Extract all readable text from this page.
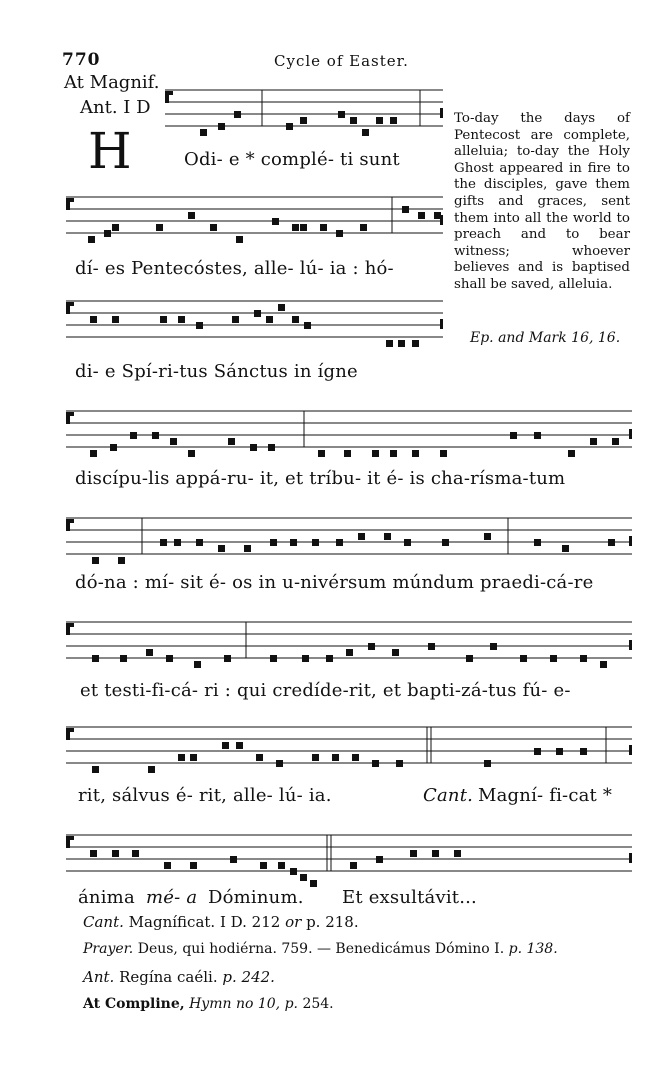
770	Cycle of Easter.
At Magnif.
Ant. I D
H	Odi- e * complé- ti sunt
dí- es Pentecóstes, alle- lú- ia : hó-
di- e Spí-ri-tus Sánctus in ígne
discípu-lis appá-ru- it, et tríbu- it é- is cha-rísma-tum
dó-na : mí- sit é- os in u-nivérsum múndum praedi-cá-re
et testi-fi-cá- ri : qui credíde-rit, et bapti-zá-tus fú- e-
rit, sálvus é- rit, alle- lú- ia.	Cant. Magní- fi-cat *
ánima mé- a Dóminum. Et exsultávit...
To-day the days of Pentecost are complete, alleluia; to-day the Holy Ghost appeared in fire to the disciples, gave them gifts and graces, sent them into all the world to preach and to bear witness; whoever believes and is baptised shall be saved, alleluia.
Ep. and Mark 16, 16.
Cant. Magníficat. I D. 212 or p. 218.
Prayer. Deus, qui hodiérna. 759. — Benedicámus Dómino I. p. 138.
Ant. Regína caéli. p. 242.
At Compline, Hymn no 10, p. 254.
